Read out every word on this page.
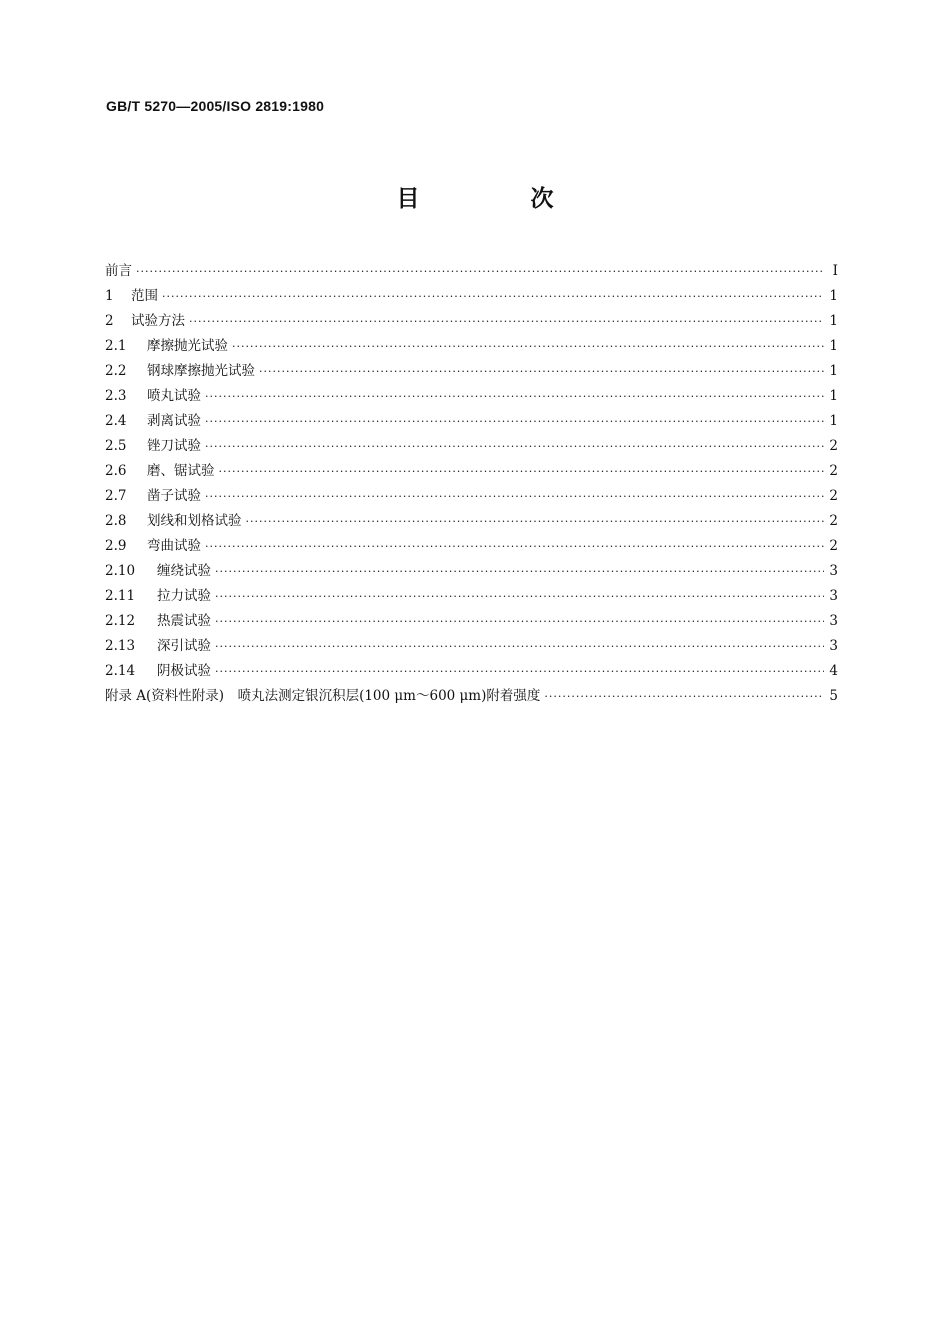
GB/T 5270—2005/ISO 2819:1980
目　次
前言 ·····	I
1	范围 ·····	1
2	试验方法 ·····	1
2.1	摩擦抛光试验 ·····	1
2.2	钢球摩擦抛光试验 ·····	1
2.3	喷丸试验 ·····	1
2.4	剥离试验 ·····	1
2.5	锉刀试验 ·····	2
2.6	磨、锯试验 ·····	2
2.7	凿子试验 ·····	2
2.8	划线和划格试验 ·····	2
2.9	弯曲试验 ·····	2
2.10	缠绕试验 ·····	3
2.11	拉力试验 ·····	3
2.12	热震试验 ·····	3
2.13	深引试验 ·····	3
2.14	阴极试验 ·····	4
附录 A(资料性附录)　喷丸法测定银沉积层(100 μm～600 μm)附着强度 ·····	5
